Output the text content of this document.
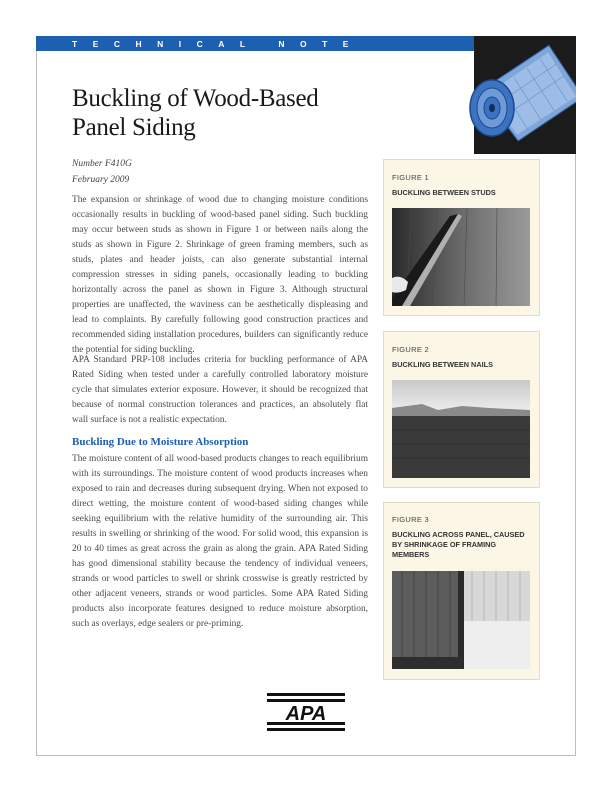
TECHNICAL NOTE
Buckling of Wood-Based
Panel Siding
Number F410G
February 2009

The expansion or shrinkage of wood due to changing moisture conditions occasionally results in buckling of wood-based panel siding. Such buckling may occur between studs as shown in Figure 1 or between nails along the studs as shown in Figure 2. Shrinkage of green framing members, such as studs, plates and header joists, can also generate substantial internal compression stresses in siding panels, occasionally leading to buckling horizontally across the panel as shown in Figure 3. Although structural properties are unaffected, the waviness can be aesthetically displeasing and lead to complaints. By carefully following good construction practices and recommended siding installation procedures, builders can significantly reduce the potential for siding buckling.

APA Standard PRP-108 includes criteria for buckling performance of APA Rated Siding when tested under a carefully controlled laboratory moisture cycle that simulates exterior exposure. However, it should be recognized that because of normal construction tolerances and practices, an absolutely flat wall surface is not a realistic expectation.

Buckling Due to Moisture Absorption

The moisture content of all wood-based products changes to reach equilibrium with its surroundings. The moisture content of wood products increases when exposed to rain and decreases during subsequent drying. When not exposed to direct wetting, the moisture content of wood-based siding changes while seeking equilibrium with the relative humidity of the surrounding air. This results in swelling or shrinking of the wood. For solid wood, this expansion is 20 to 40 times as great across the grain as along the grain. APA Rated Siding has good dimensional stability because the tendency of individual veneers, strands or wood particles to swell or shrink crosswise is greatly restricted by other adjacent veneers, strands or wood particles. Some APA Rated Siding products also incorporate features designed to reduce moisture absorption, such as overlays, edge sealers or pre-priming.

FIGURE 1
BUCKLING BETWEEN STUDS
FIGURE 2
BUCKLING BETWEEN NAILS
FIGURE 3
BUCKLING ACROSS PANEL, CAUSED BY SHRINKAGE OF FRAMING MEMBERS
APA
